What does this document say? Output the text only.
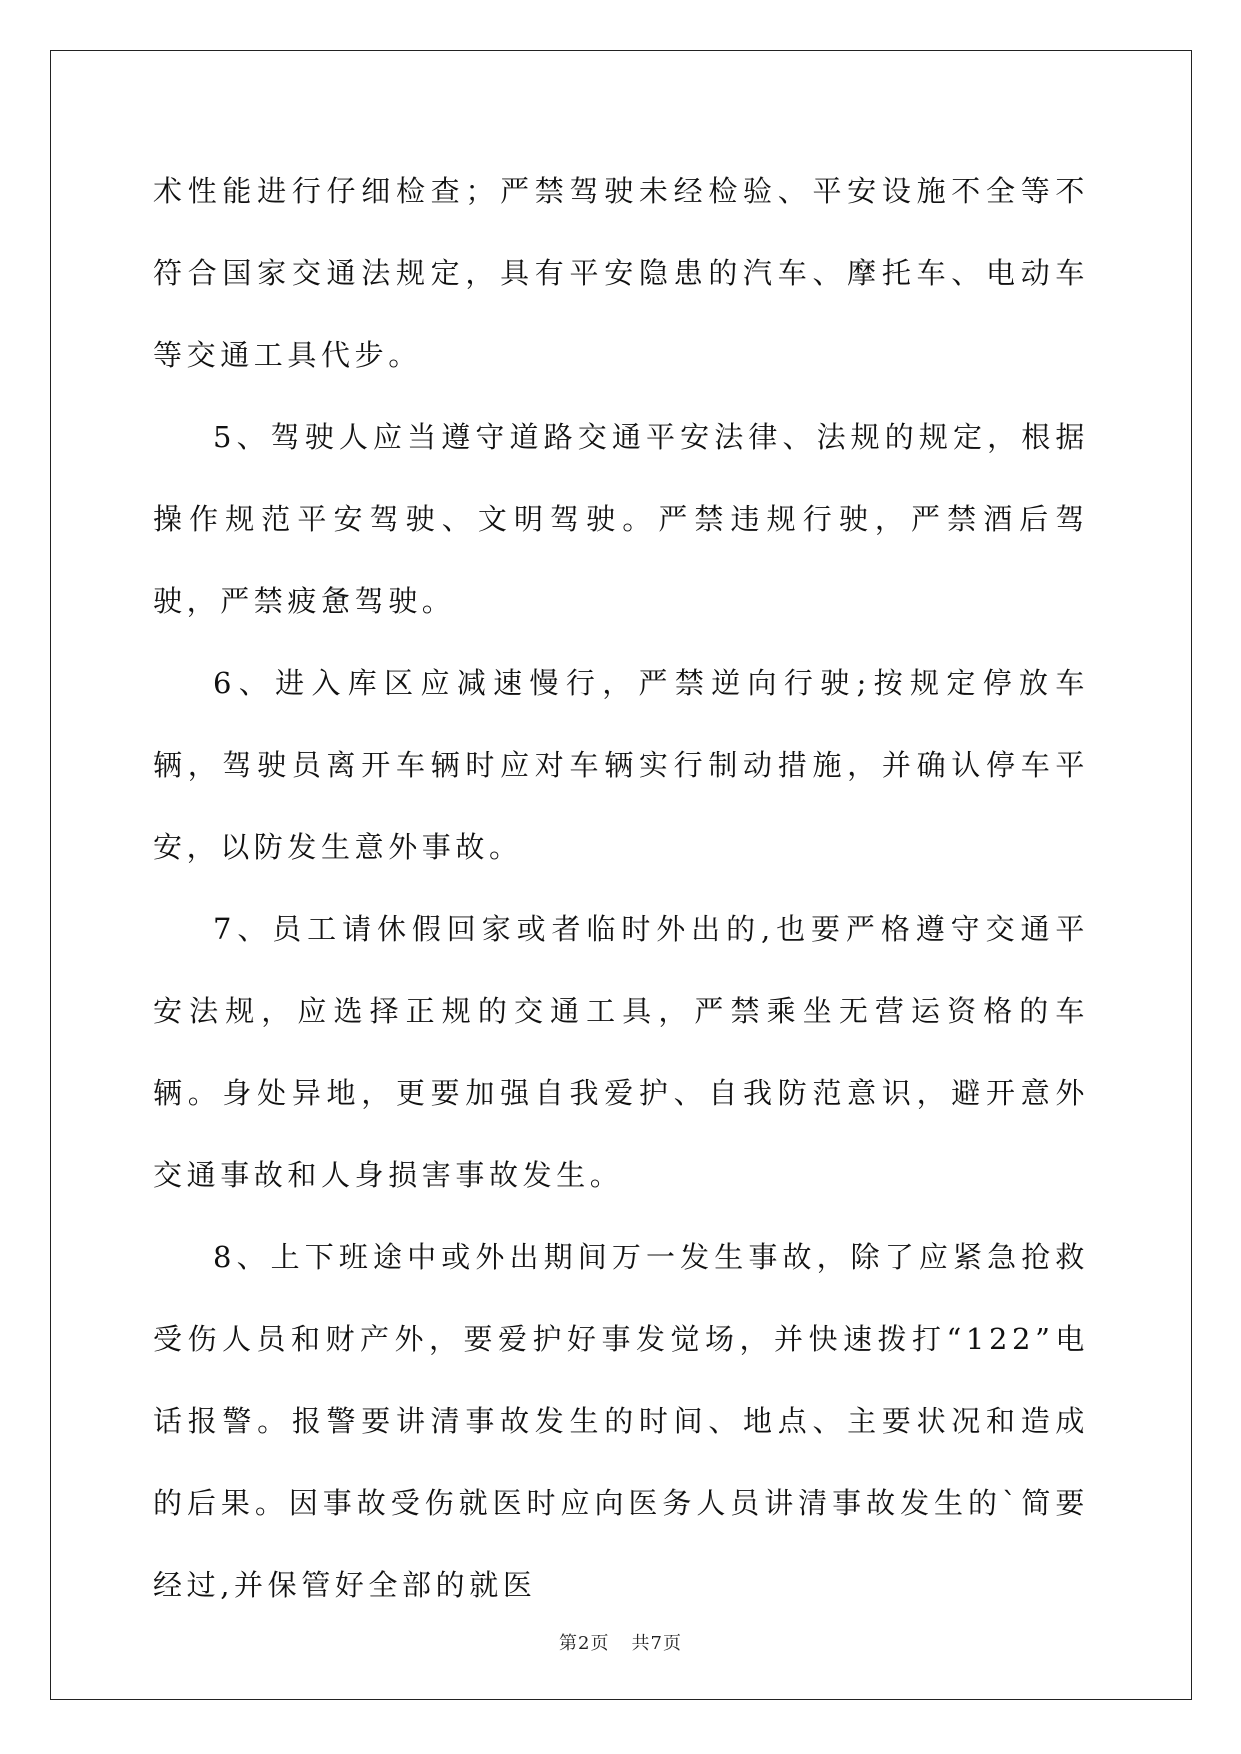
术性能进行仔细检查；严禁驾驶未经检验、平安设施不全等不符合国家交通法规定，具有平安隐患的汽车、摩托车、电动车等交通工具代步。

5、驾驶人应当遵守道路交通平安法律、法规的规定，根据操作规范平安驾驶、文明驾驶。严禁违规行驶，严禁酒后驾驶，严禁疲惫驾驶。

6、进入库区应减速慢行，严禁逆向行驶;按规定停放车辆，驾驶员离开车辆时应对车辆实行制动措施，并确认停车平安，以防发生意外事故。

7、员工请休假回家或者临时外出的,也要严格遵守交通平安法规，应选择正规的交通工具，严禁乘坐无营运资格的车辆。身处异地，更要加强自我爱护、自我防范意识，避开意外交通事故和人身损害事故发生。

8、上下班途中或外出期间万一发生事故，除了应紧急抢救受伤人员和财产外，要爱护好事发觉场，并快速拨打“122”电话报警。报警要讲清事故发生的时间、地点、主要状况和造成的后果。因事故受伤就医时应向医务人员讲清事故发生的`简要经过,并保管好全部的就医

第2页 共7页
